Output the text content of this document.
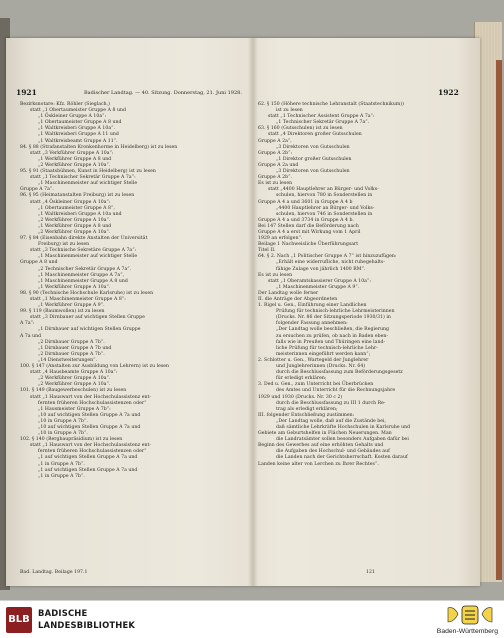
1921	Badischer Landtag. — 40. Sitzung. Donnerstag, 21. Juni 1928.	1922

Bezirksnotare: Kfz. Röhler (Sieglach,)

statt „1 Obertaumeister Gruppe A 8 und

„1 Öskleiner Gruppe A 10a“:

„1 Obertaumeister Gruppe A 8 und

„1 Waltkreisberi Gruppe A 10a“.

„1 Waltkreisberi Gruppe A 11 und

„1 Waltkreisbeamt Gruppe A 11“.

84. § 88 (Strafanstalten Kronkenhorme in Heidelberg) ist zu lesen

statt „3 Verkführer Gruppe A 10a“:

„1 Werkführer Gruppe A 8 und

„2 Werkführer Gruppe A 10a“.

95. § 91 (Staatsbühnen, Kunst in Heidelberg) ist zu lesen

statt „1 Technischer Sekretär Gruppe A 7a“:

„1 Maschinenmeister auf wichtiger Stelle

Gruppe A 7a“.

96. § 95 (Heimatanstalten Freiburg) ist zu lesen

statt „4 Öskleiner Gruppe A 10a“:

„1 Obertaumeister Gruppe A 8“,

„1 Waltkreisberi Gruppe A 10a und

„2 Werkführer Gruppe A 10a“.

„1 Werkführer Gruppe A 8 und

„2 Werkführer Gruppe A 10a“.

97. § 84 (Eisenbahn direkte Anstalten der Universität

Freiburg) ist zu lesen

statt „3 Technische Sekretäre Gruppe A 7a“:

„1 Maschinenmeister auf wichtiger Stelle

Gruppe A 8 und

„2 Technischer Sekretär Gruppe A 7a“.

„1 Maschinenmeister Gruppe A 7a“,

„1 Maschinenmeister Gruppe A 8 und

„1 Werkführer Gruppe A 10a“.

98. § 90 (Technische Hochschule Karlsruhe) ist zu lesen

statt „1 Maschinenmeister Gruppe A 8“:

„1 Werkführer Gruppe A 9“.

99. § 119 (Baumwollen) ist zu lesen

statt „3 Dirnbauer auf wichtigen Stellen Gruppe

A 7a“:

„1 Dirnbauer auf wichtigen Stellen Gruppe

A 7a und

„2 Dirnbauer Gruppe A 7b“.

„1 Dirnbauer Gruppe A 7b und

„2 Dirnbauer Gruppe A 7b“.

„14 Dienstweiterungen“.

100. § 147 (Anstalten zur Ausbildung von Lehrern) ist zu lesen

statt „4 Hausbeamte Gruppe A 10a“:

„2 Werkführer Gruppe A 10a“.

„2 Werkführer Gruppe A 10a“.

101. § 149 (Baugewerbeschulen) ist zu lesen

statt „1 Hauswart von der Hochschulassistenz ent-

fernten früheren Hochschulassistenzen oder“

„1 Hausmeister Gruppe A 7b“:

„10 auf wichtigen Stellen Gruppe A 7a und

„10 in Gruppe A 7b“.

„10 auf wichtigen Stellen Gruppe A 7a und

„10 in Gruppe A 7b“.

102. § 140 (Bergbaupräsidium) ist zu lesen

statt „1 Hauswart von der Hochschulassistenz ent-

fernten früheren Hochschulassistenzen oder“

„1 auf wichtigen Stellen Gruppe A 7a und

„1 in Gruppe A 7b“.

„1 auf wichtigen Stellen Gruppe A 7a und

„1 in Gruppe A 7b“.

Bad. Landtag. Beilage 197.1

62. § 150 (Höhere technische Lehranstalt (Staatstechnikum))

ist zu lesen

statt „1 Technischer Assistent Gruppe A 7a“:

„1 Technischer Sekretär Gruppe A 7a“.

63. § 160 (Gutsschulen) ist zu lesen

statt „4 Direktoren großer Gutsschulen

Gruppe A 2a“,

„3 Direktoren von Gutsschulen

Gruppe A 2b“:

„1 Direktor großer Gutsschulen

Gruppe A 2a und

„3 Direktoren von Gutsschulen

Gruppe A 2b“.

Es ist zu lesen

statt „4400 Hauptlehrer an Bürger- und Volks-

schulen, hiervon 780 in Sonderstellen in

Gruppe A 4 a und 3601 in Gruppe A 4 b

„4400 Hauptlehrer an Bürger- und Volks-

schulen, hiervon 746 in Sonderstellen in

Gruppe A 4 a und 3734 in Gruppe A 4 b.

Bei 147 Stellen darf die Beförderung nach

Gruppe A 4 a erst mit Wirkung vom 1 April

1929 an erfolgen“.

Beilage 1 Nachweisliche Überführungsart

Titel II.

64. § 2. Nach „1 Politischer Gruppe A 7“ ist hinzuzufügen:

„Erhält eine widerrufliche, nicht ruhegehalts-

fähige Zulage von jährlich 1400 RM“.

Es ist zu lesen

statt „1 Oberamtskassierer Gruppe A 10a“:

„1 Maschinenmeister Gruppe A 9“.

Der Landtag wolle ferner

II. die Anträge der Abgeordneten

1. Rigel u. Gen., Einführung einer Landlichen

Prüfung für technisch-lehrliche Lehrmeisterinnen

(Drucks. Nr. 86 der Sitzungsperiode 1930/31) in

folgender Fassung annehmen:

„Der Landtag wolle beschließen, die Regierung

zu ersuchen zu prüfen, ob nach in Baden eben-

falls wie in Preußen und Thüringen eine land-

liche Prüfung für technisch-lehrliche Lehr-

meisterinnen eingeführt werden kann“;

2. Schlotter u. Gen., Wartegeld der Junglehrer

und Junglehrerinnen (Drucks. Nr. 64)

durch die Beschlussfassung zum Beförderungsgesetz

für erledigt erklären;

3. Ded u. Gen., zum Unterricht bei Überbrücken

des Amtes und Unterricht für die Rechnungsjahre

1929 und 1930 (Drucks. Nr. 30 c 2)

durch die Beschlussfassung zu III 1 durch Re-

trag als erledigt erklären;

III. folgender Entschließung zustimmen:

„Der Landtag wolle, daß auf die Zustände bei,

daß sämtliche Lehrkräfte Hochschulen in Karlsruhe und

Gebiete am Geburtshelfen in Flächen Neuerungen. Man

die Landratsämter sollen besonders Aufgaben dafür bei

Beginn des Gewerbes auf eine erhöhten Gehalts und

die Aufgaben des Hochschul- und Gebäudes auf

die Landen nach der Gerichtsherrschaft. Kosten darauf

Landen keine alter von Lerchen zu Ihrer Rechtes“.

121
BLB
BADISCHE
LANDESBIBLIOTHEK
Baden-Württemberg
